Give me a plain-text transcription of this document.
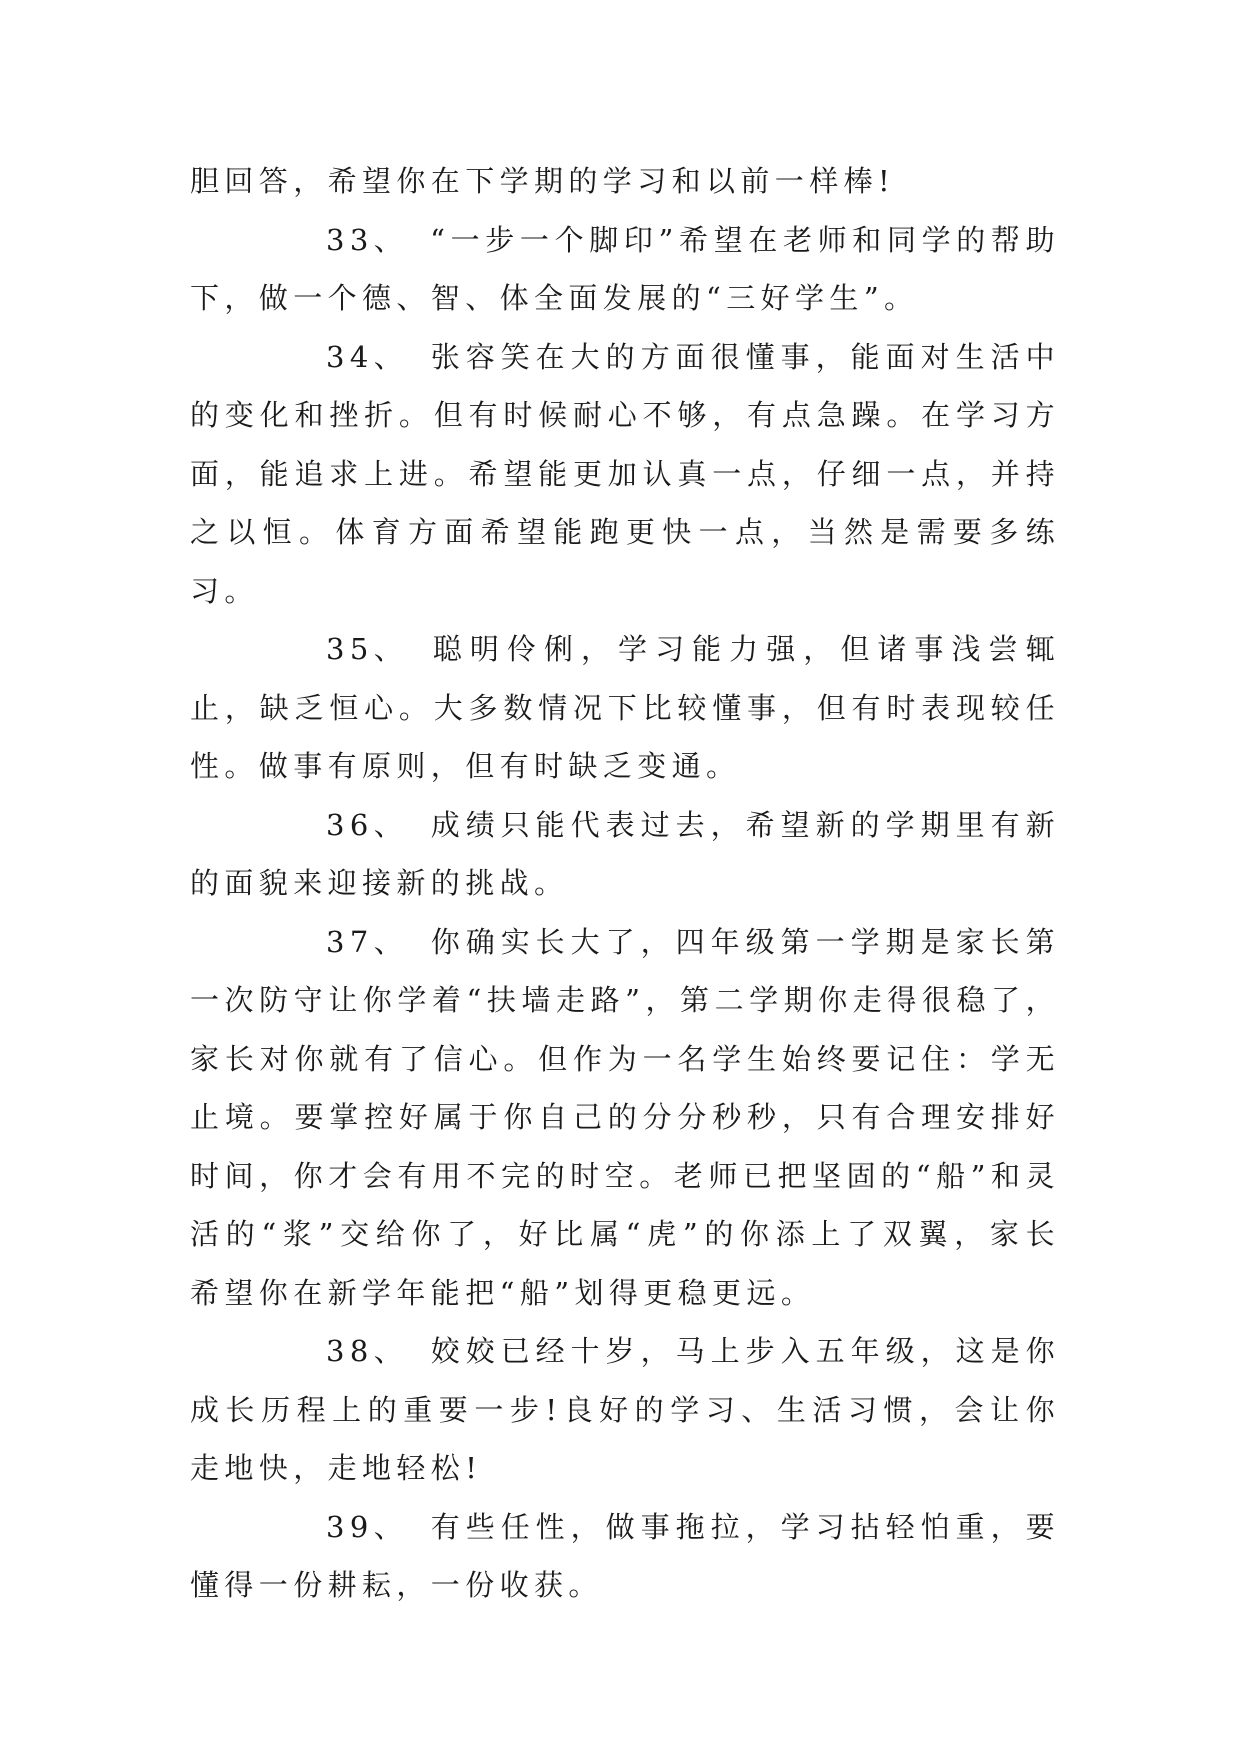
胆回答，希望你在下学期的学习和以前一样棒!

33、 “一步一个脚印”希望在老师和同学的帮助下，做一个德、智、体全面发展的“三好学生”。

34、 张容笑在大的方面很懂事，能面对生活中的变化和挫折。但有时候耐心不够，有点急躁。在学习方面，能追求上进。希望能更加认真一点，仔细一点，并持之以恒。体育方面希望能跑更快一点，当然是需要多练习。

35、 聪明伶俐，学习能力强，但诸事浅尝辄止，缺乏恒心。大多数情况下比较懂事，但有时表现较任性。做事有原则，但有时缺乏变通。

36、 成绩只能代表过去，希望新的学期里有新的面貌来迎接新的挑战。

37、 你确实长大了，四年级第一学期是家长第一次防守让你学着“扶墙走路”，第二学期你走得很稳了，家长对你就有了信心。但作为一名学生始终要记住：学无止境。要掌控好属于你自己的分分秒秒，只有合理安排好时间，你才会有用不完的时空。老师已把坚固的“船”和灵活的“浆”交给你了，好比属“虎”的你添上了双翼，家长希望你在新学年能把“船”划得更稳更远。

38、 姣姣已经十岁，马上步入五年级，这是你成长历程上的重要一步!良好的学习、生活习惯，会让你走地快，走地轻松!

39、 有些任性，做事拖拉，学习拈轻怕重，要懂得一份耕耘，一份收获。
